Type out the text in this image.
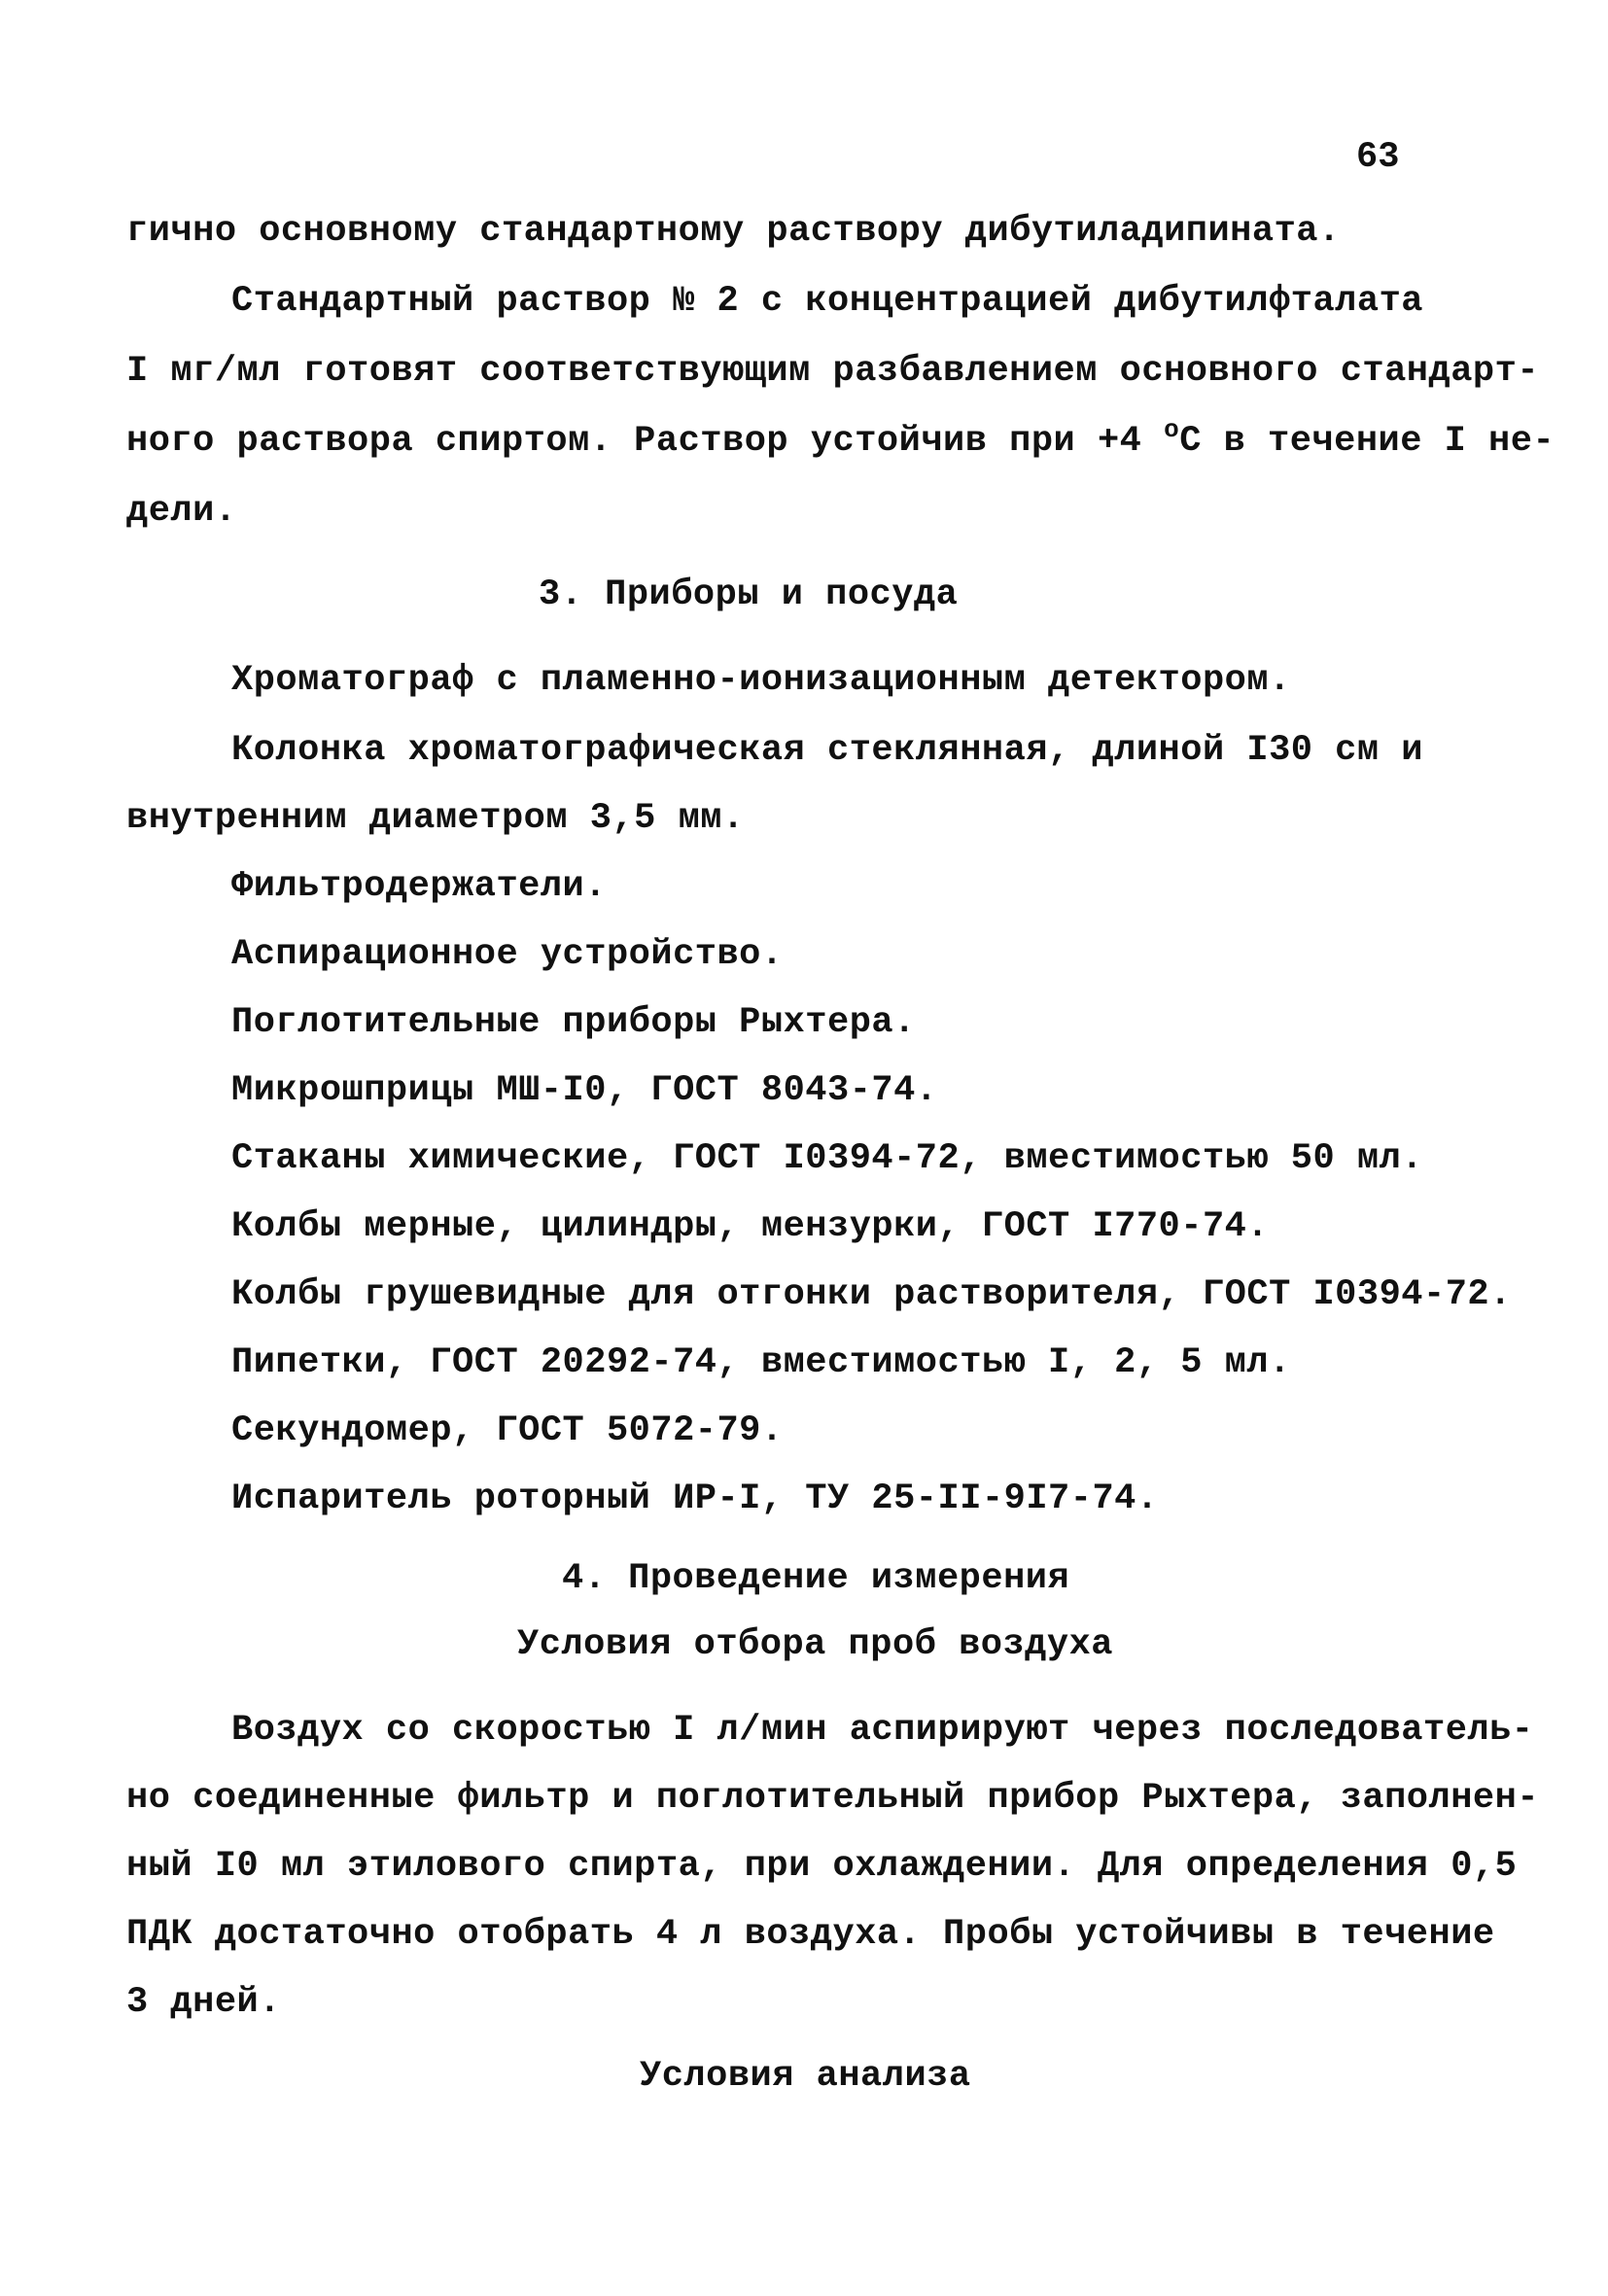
63
гично основному стандартному раствору дибутиладипината.
Стандартный раствор № 2 с концентрацией дибутилфталата
I мг/мл готовят соответствующим разбавлением основного стандарт-
ного раствора спиртом. Раствор устойчив при +4 $^o$С в течение I не-
дели.
3. Приборы и посуда
Хроматограф с пламенно-ионизационным детектором.
Колонка хроматографическая стеклянная, длиной I30 см и
внутренним диаметром 3,5 мм.
Фильтродержатели.
Аспирационное устройство.
Поглотительные приборы Рыхтера.
Микрошприцы МШ-I0, ГОСТ 8043-74.
Стаканы химические, ГОСТ I0394-72, вместимостью 50 мл.
Колбы мерные, цилиндры, мензурки, ГОСТ I770-74.
Колбы грушевидные для отгонки растворителя, ГОСТ I0394-72.
Пипетки, ГОСТ 20292-74, вместимостью I, 2, 5 мл.
Секундомер, ГОСТ 5072-79.
Испаритель роторный ИР-I, ТУ 25-II-9I7-74.
4. Проведение измерения
Условия отбора проб воздуха
Воздух со скоростью I л/мин аспирируют через последователь-
но соединенные фильтр и поглотительный прибор Рыхтера, заполнен-
ный I0 мл этилового спирта, при охлаждении. Для определения 0,5
ПДК достаточно отобрать 4 л воздуха. Пробы устойчивы в течение
3 дней.
Условия анализа
